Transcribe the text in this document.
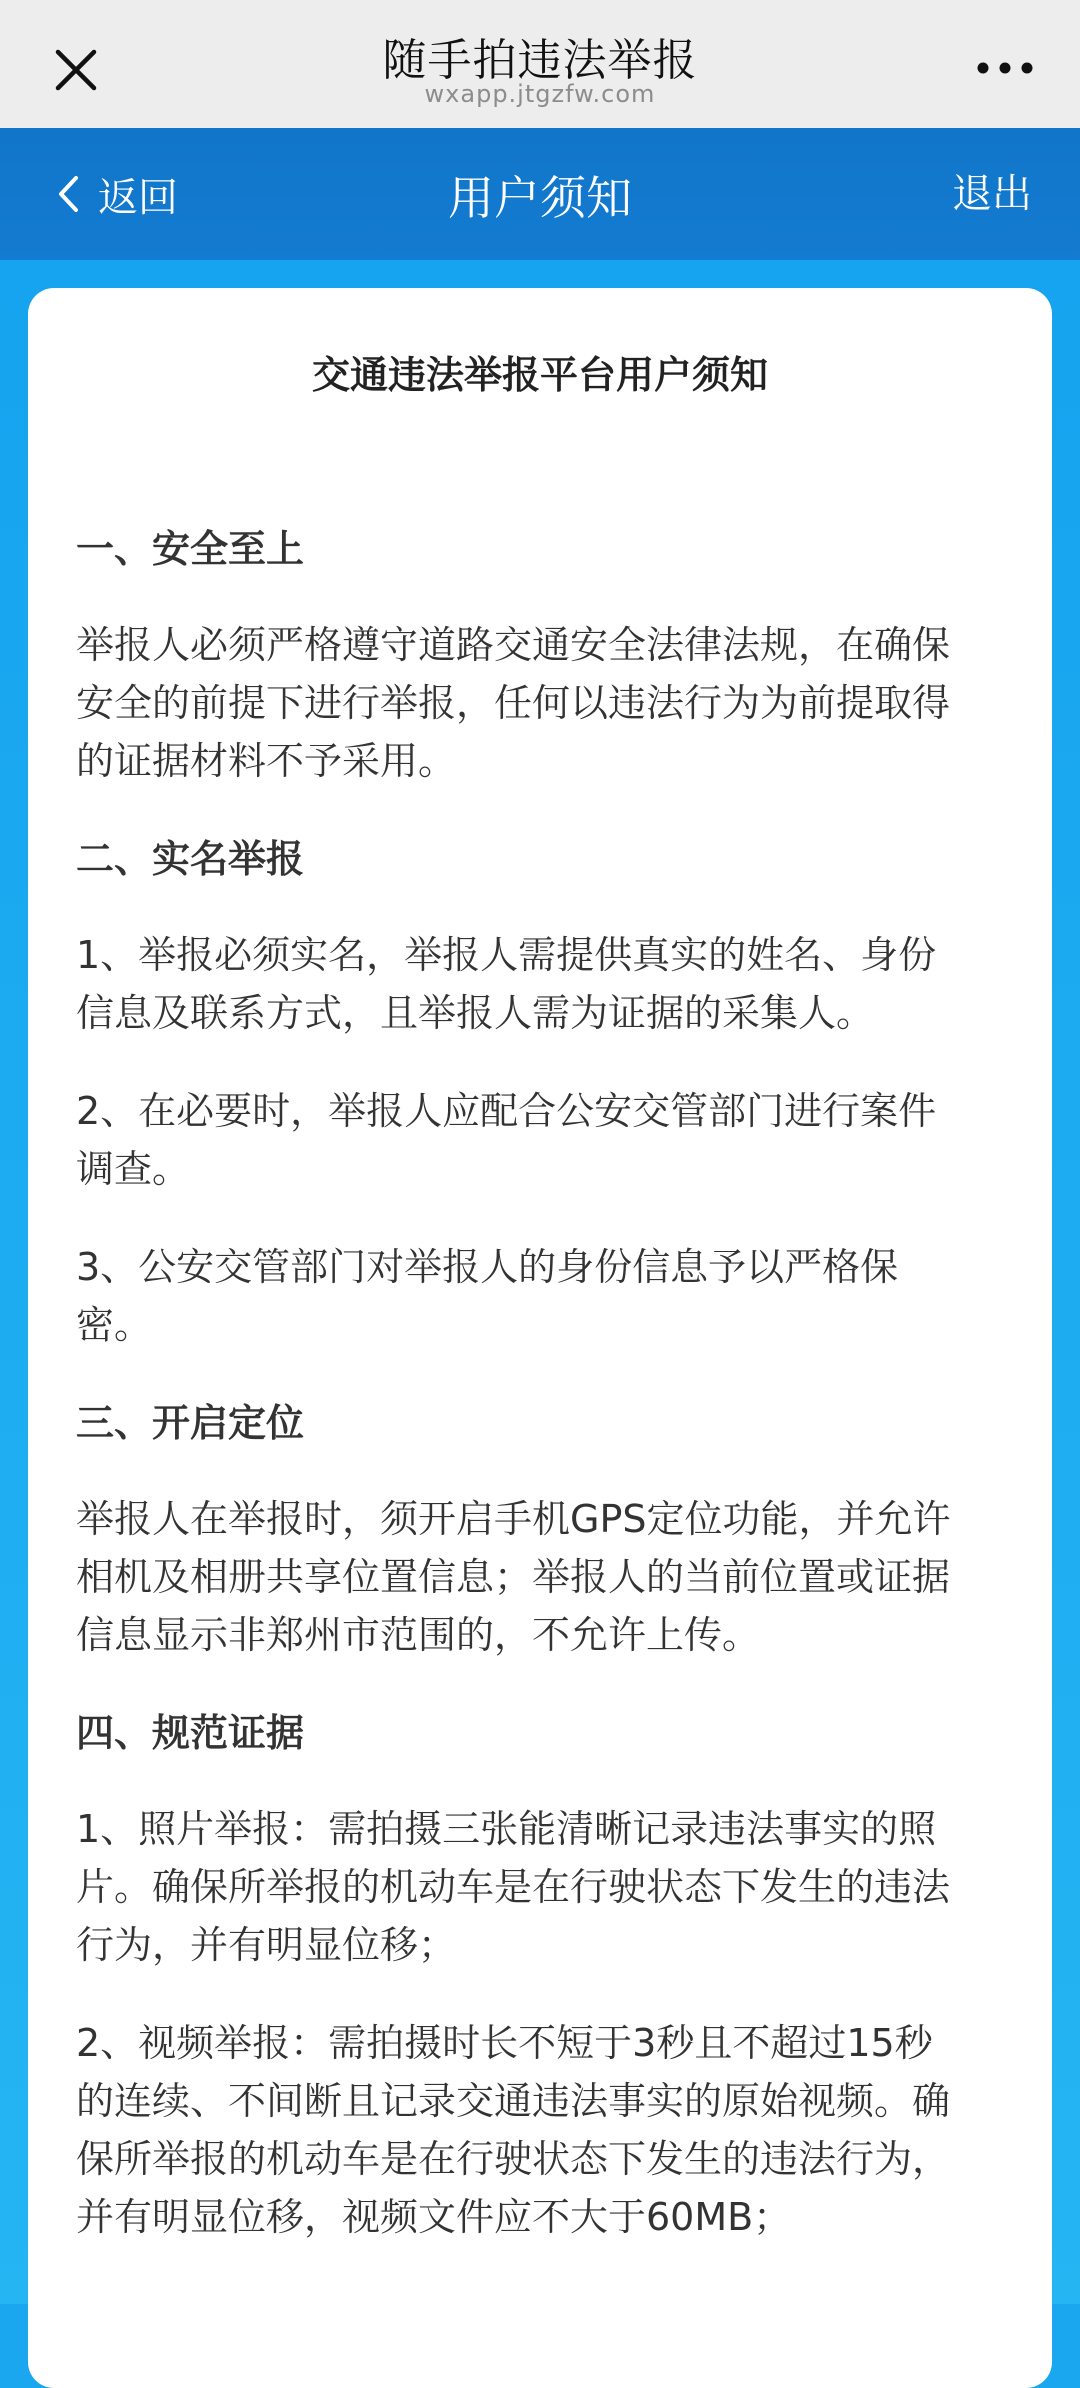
随手拍违法举报
wxapp.jtgzfw.com
返回	用户须知	退出
交通违法举报平台用户须知
一、安全至上
举报人必须严格遵守道路交通安全法律法规，在确保
安全的前提下进行举报，任何以违法行为为前提取得
的证据材料不予采用。
二、实名举报
1、举报必须实名，举报人需提供真实的姓名、身份
信息及联系方式，且举报人需为证据的采集人。
2、在必要时，举报人应配合公安交管部门进行案件
调查。
3、公安交管部门对举报人的身份信息予以严格保
密。
三、开启定位
举报人在举报时，须开启手机GPS定位功能，并允许
相机及相册共享位置信息；举报人的当前位置或证据
信息显示非郑州市范围的，不允许上传。
四、规范证据
1、照片举报：需拍摄三张能清晰记录违法事实的照
片。确保所举报的机动车是在行驶状态下发生的违法
行为，并有明显位移；
2、视频举报：需拍摄时长不短于3秒且不超过15秒
的连续、不间断且记录交通违法事实的原始视频。确
保所举报的机动车是在行驶状态下发生的违法行为，
并有明显位移，视频文件应不大于60MB；
